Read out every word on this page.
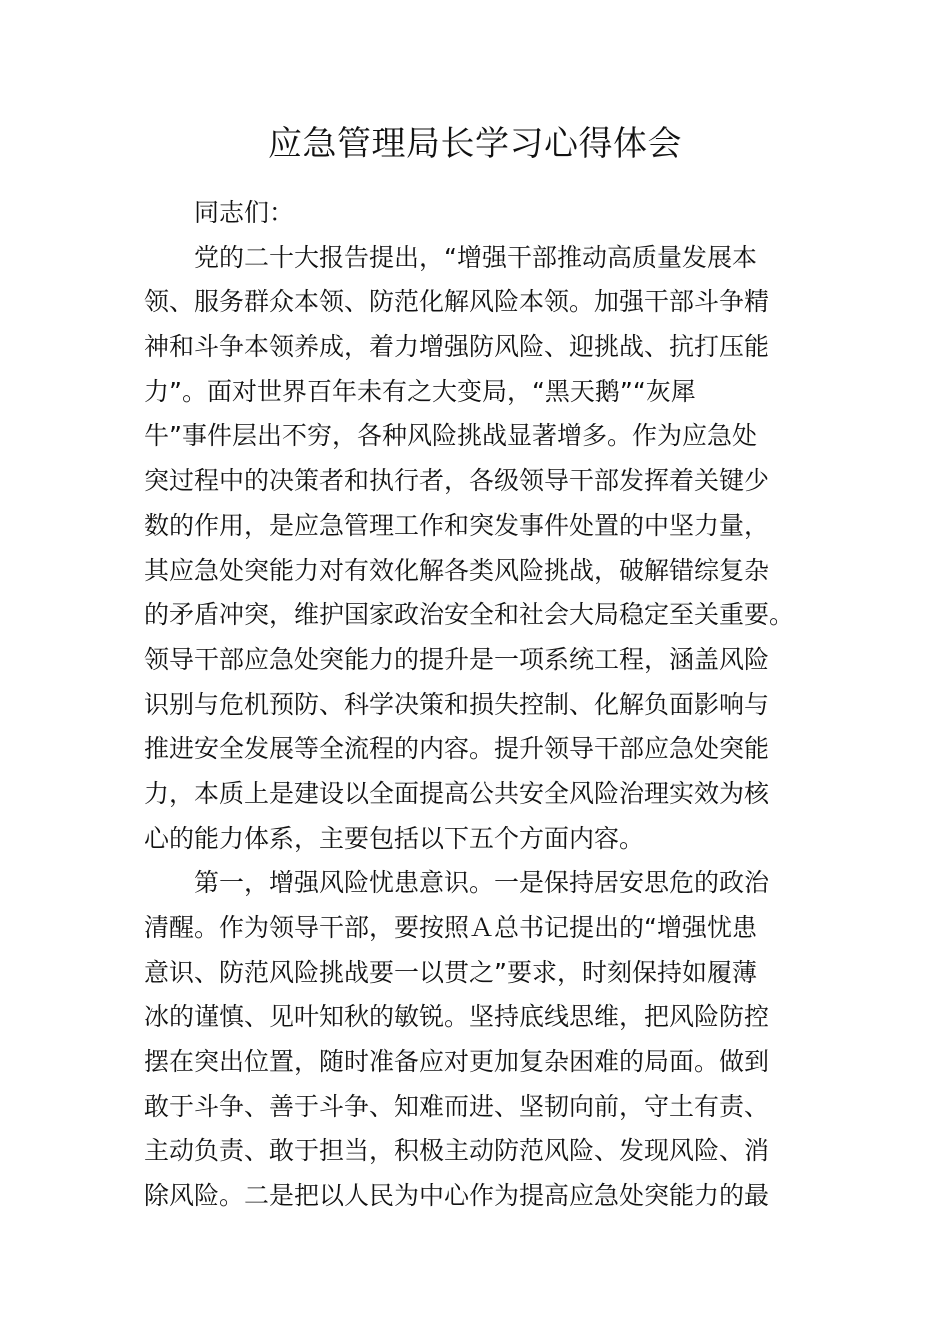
应急管理局长学习心得体会
同志们：
党的二十大报告提出，“增强干部推动高质量发展本
领、服务群众本领、防范化解风险本领。加强干部斗争精
神和斗争本领养成，着力增强防风险、迎挑战、抗打压能
力”。面对世界百年未有之大变局，“黑天鹅”“灰犀
牛”事件层出不穷，各种风险挑战显著增多。作为应急处
突过程中的决策者和执行者，各级领导干部发挥着关键少
数的作用，是应急管理工作和突发事件处置的中坚力量，
其应急处突能力对有效化解各类风险挑战，破解错综复杂
的矛盾冲突，维护国家政治安全和社会大局稳定至关重要。
领导干部应急处突能力的提升是一项系统工程，涵盖风险
识别与危机预防、科学决策和损失控制、化解负面影响与
推进安全发展等全流程的内容。提升领导干部应急处突能
力，本质上是建设以全面提高公共安全风险治理实效为核
心的能力体系，主要包括以下五个方面内容。
第一，增强风险忧患意识。一是保持居安思危的政治
清醒。作为领导干部，要按照Ａ总书记提出的“增强忧患
意识、防范风险挑战要一以贯之”要求，时刻保持如履薄
冰的谨慎、见叶知秋的敏锐。坚持底线思维，把风险防控
摆在突出位置，随时准备应对更加复杂困难的局面。做到
敢于斗争、善于斗争、知难而进、坚韧向前，守土有责、
主动负责、敢于担当，积极主动防范风险、发现风险、消
除风险。二是把以人民为中心作为提高应急处突能力的最
